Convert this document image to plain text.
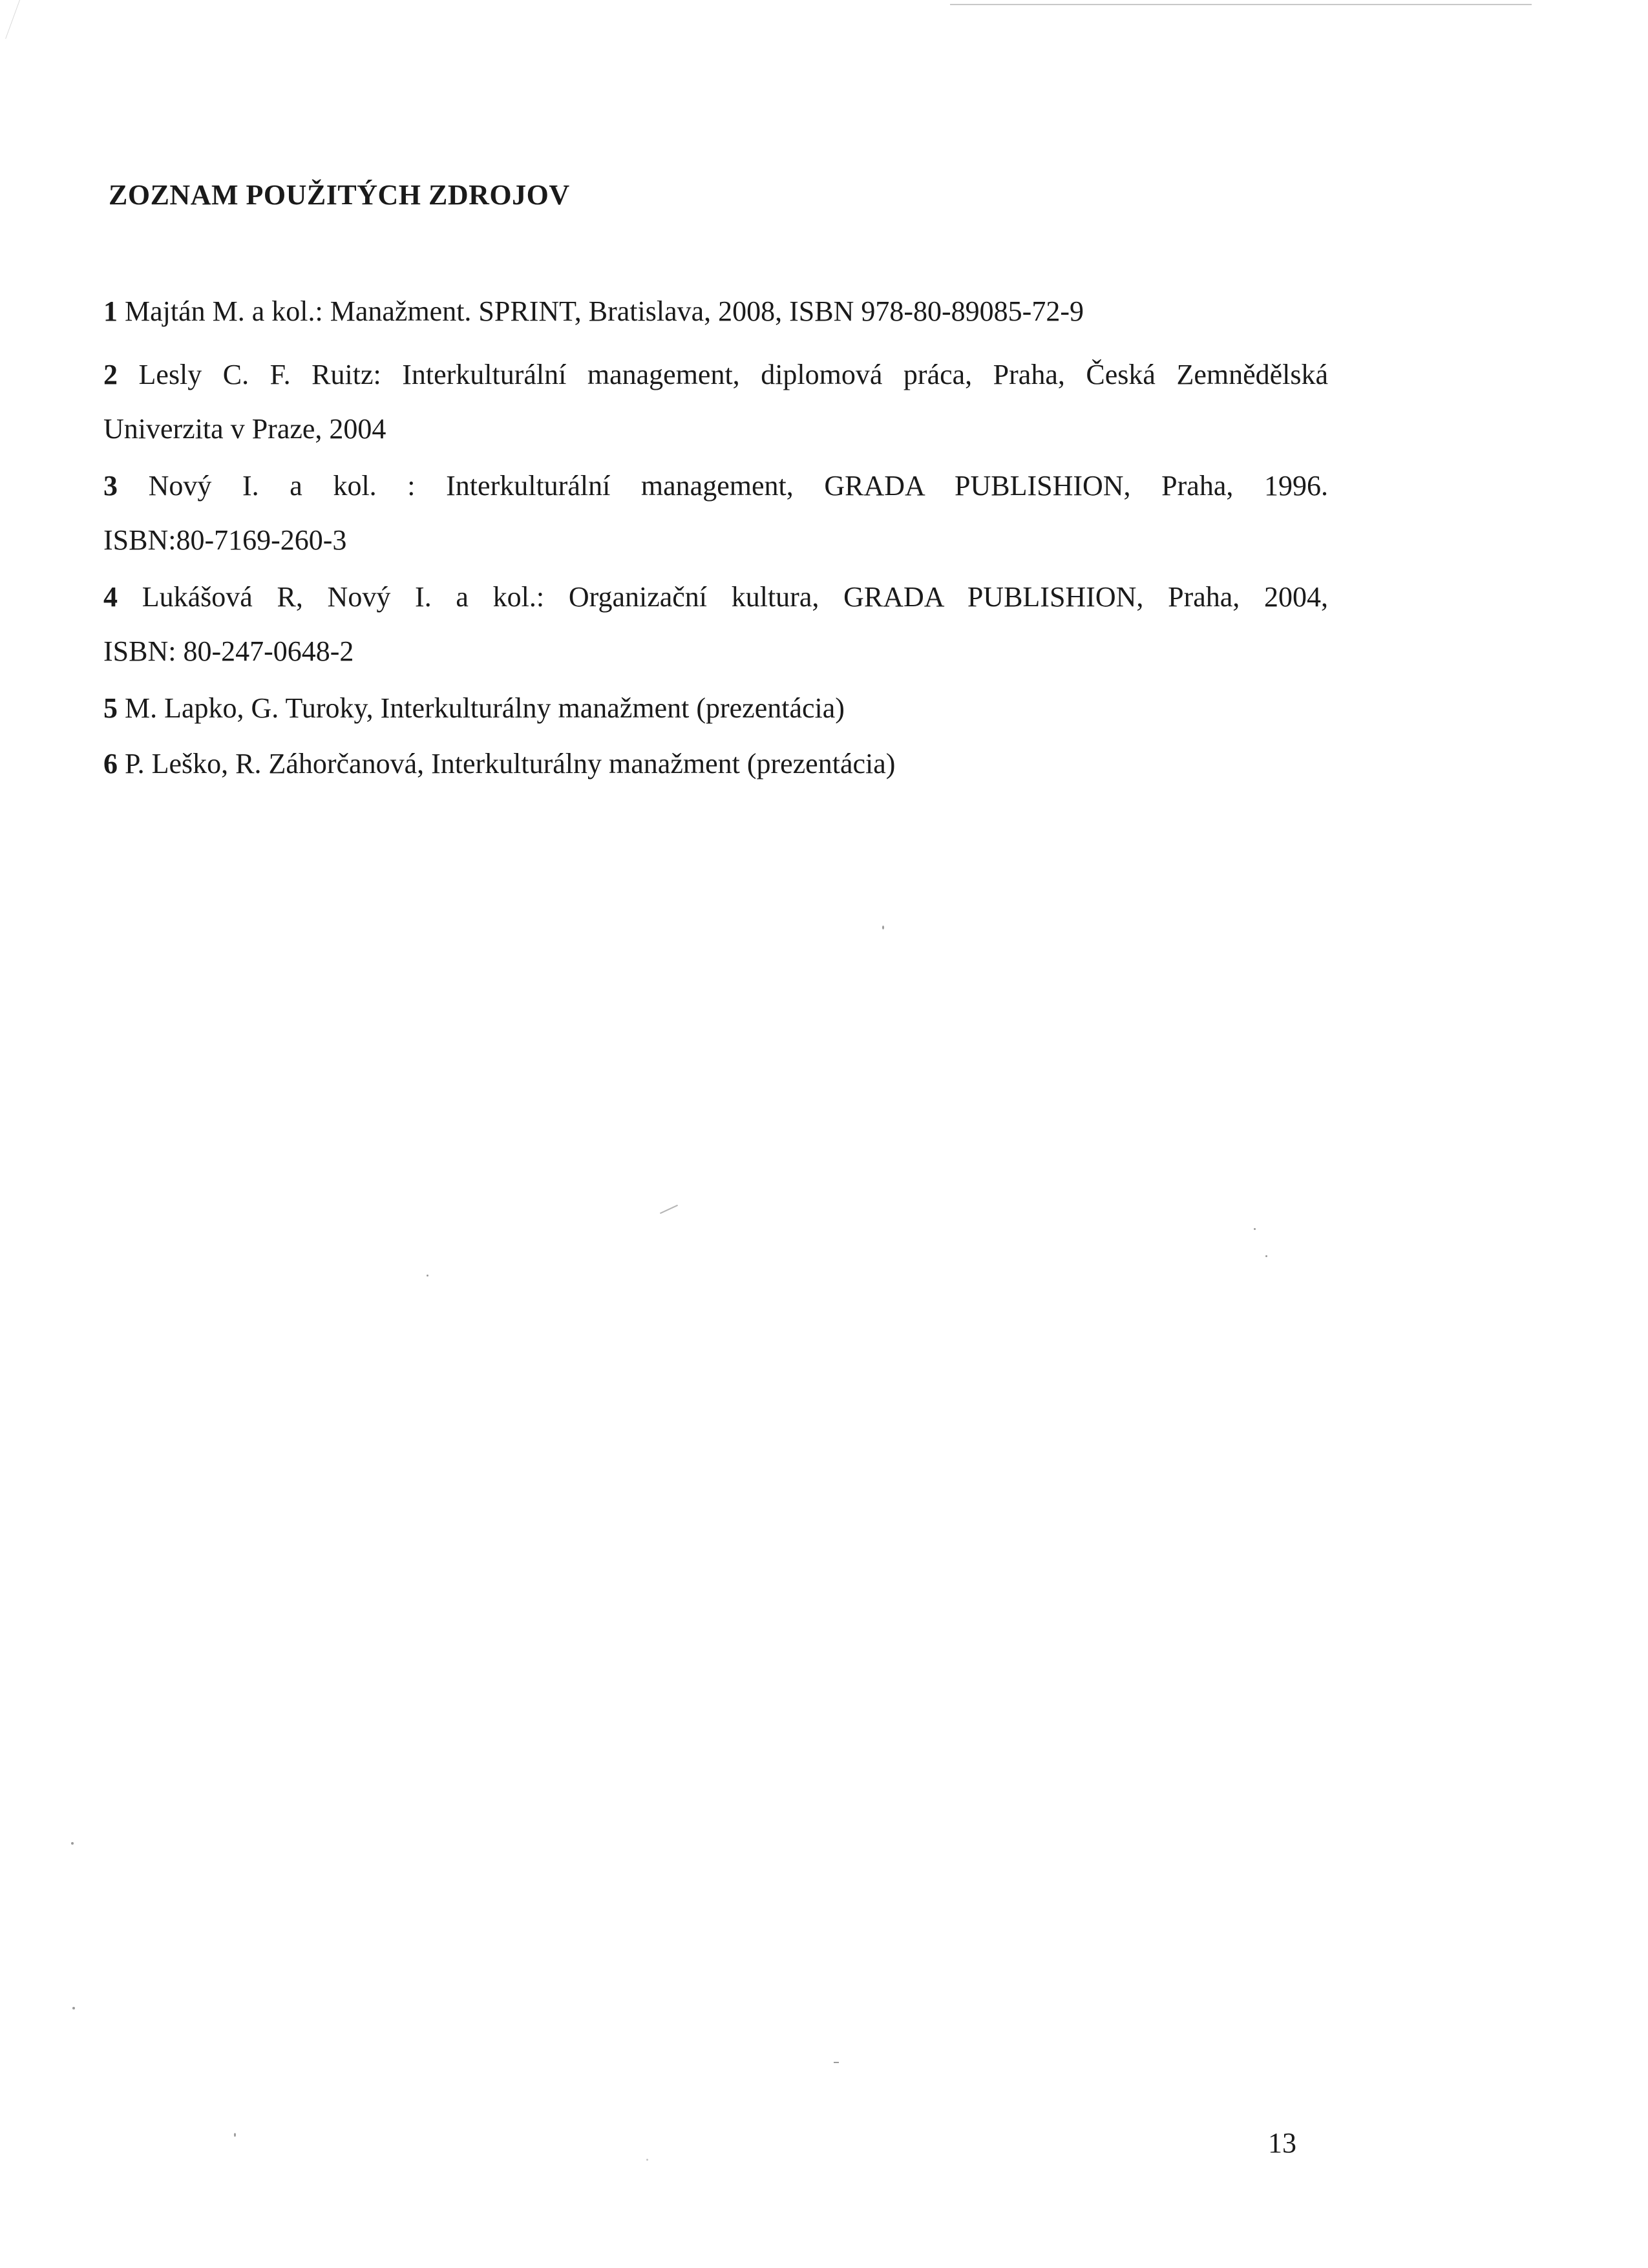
ZOZNAM POUŽITÝCH ZDROJOV
1 Majtán M. a kol.: Manažment. SPRINT, Bratislava, 2008, ISBN 978-80-89085-72-9
2 Lesly C. F. Ruitz: Interkulturální management, diplomová práca, Praha, Česká Zemnědělská
Univerzita v Praze, 2004
3 Nový I. a kol. : Interkulturální management, GRADA PUBLISHION, Praha, 1996.
ISBN:80-7169-260-3
4 Lukášová R, Nový I. a kol.: Organizační kultura, GRADA PUBLISHION, Praha, 2004,
ISBN: 80-247-0648-2
5 M. Lapko, G. Turoky, Interkulturálny manažment (prezentácia)
6 P. Leško, R. Záhorčanová, Interkulturálny manažment (prezentácia)
13
